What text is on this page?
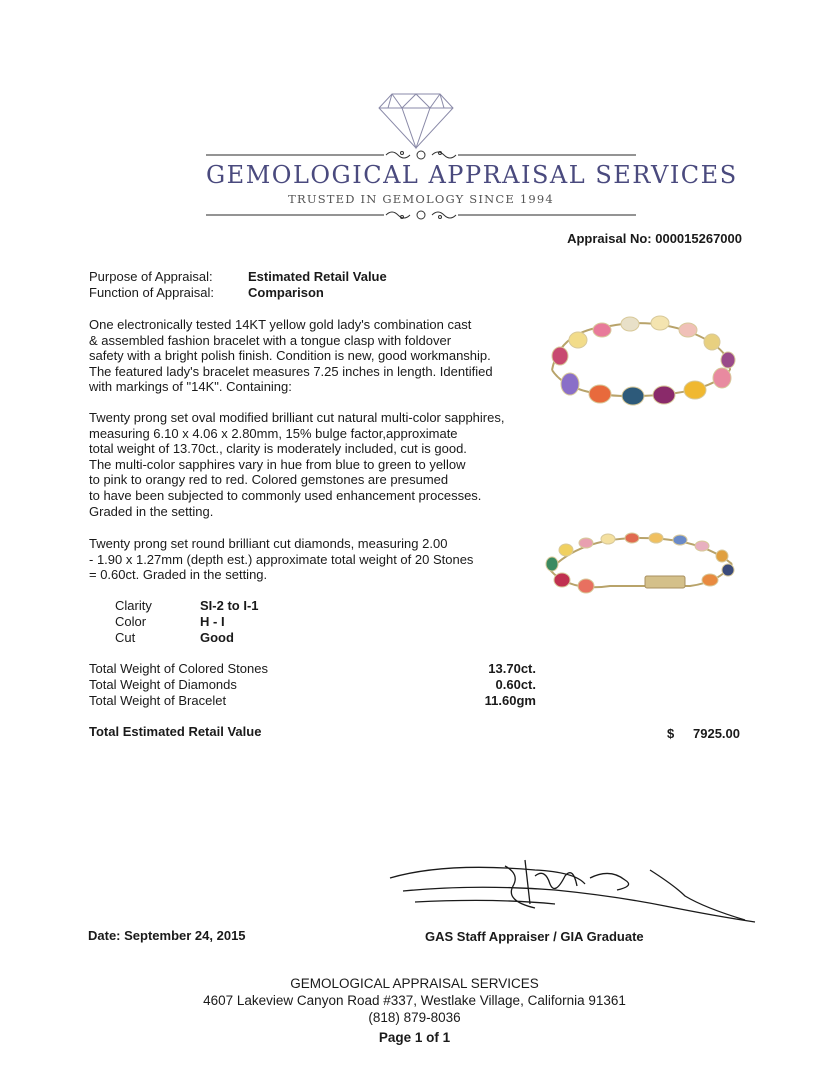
GEMOLOGICAL APPRAISAL SERVICES
TRUSTED IN GEMOLOGY SINCE 1994
Appraisal No: 000015267000
Purpose of Appraisal:
Function of Appraisal:
Estimated Retail Value
Comparison
One electronically tested 14KT yellow gold lady's combination cast
& assembled fashion bracelet with a tongue clasp with foldover
safety with a bright polish finish. Condition is new, good workmanship.
The featured lady's bracelet measures 7.25 inches in length. Identified
with markings of "14K". Containing:
Twenty prong set oval modified brilliant cut natural multi-color sapphires,
measuring 6.10 x 4.06 x 2.80mm, 15% bulge factor,approximate
total weight of 13.70ct., clarity is moderately included, cut is good.
The multi-color sapphires vary in hue from blue to green to yellow
to pink to orangy red to red. Colored gemstones are presumed
to have been subjected to commonly used enhancement processes.
Graded in the setting.
Twenty prong set round brilliant cut diamonds, measuring 2.00
- 1.90 x 1.27mm (depth est.) approximate total weight of 20 Stones
= 0.60ct. Graded in the setting.
Clarity
Color
Cut
SI-2 to I-1
H - I
Good
Total Weight of Colored Stones
Total Weight of Diamonds
Total Weight of Bracelet
13.70ct.
0.60ct.
11.60gm
Total Estimated Retail Value	$ 7925.00
Date: September 24, 2015	GAS Staff Appraiser / GIA Graduate
GEMOLOGICAL APPRAISAL SERVICES
4607 Lakeview Canyon Road #337, Westlake Village, California 91361
(818) 879-8036
Page 1 of 1
